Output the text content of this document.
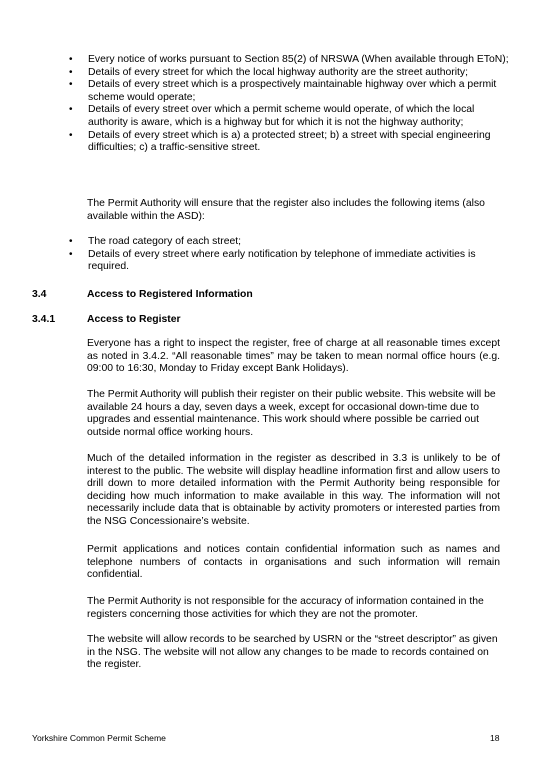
• Every notice of works pursuant to Section 85(2) of NRSWA (When available through EToN);
• Details of every street for which the local highway authority are the street authority;
• Details of every street which is a prospectively maintainable highway over which a permit scheme would operate;
• Details of every street over which a permit scheme would operate, of which the local authority is aware, which is a highway but for which it is not the highway authority;
• Details of every street which is a) a protected street; b) a street with special engineering difficulties; c) a traffic-sensitive street.

The Permit Authority will ensure that the register also includes the following items (also available within the ASD):

• The road category of each street;
• Details of every street where early notification by telephone of immediate activities is required.
3.4	Access to Registered Information
3.4.1	Access to Register

Everyone has a right to inspect the register, free of charge at all reasonable times except as noted in 3.4.2. “All reasonable times” may be taken to mean normal office hours (e.g. 09:00 to 16:30, Monday to Friday except Bank Holidays).

The Permit Authority will publish their register on their public website. This website will be available 24 hours a day, seven days a week, except for occasional down-time due to upgrades and essential maintenance. This work should where possible be carried out outside normal office working hours.

Much of the detailed information in the register as described in 3.3 is unlikely to be of interest to the public. The website will display headline information first and allow users to drill down to more detailed information with the Permit Authority being responsible for deciding how much information to make available in this way. The information will not necessarily include data that is obtainable by activity promoters or interested parties from the NSG Concessionaire’s website.

Permit applications and notices contain confidential information such as names and telephone numbers of contacts in organisations and such information will remain confidential.

The Permit Authority is not responsible for the accuracy of information contained in the registers concerning those activities for which they are not the promoter.

The website will allow records to be searched by USRN or the “street descriptor” as given in the NSG. The website will not allow any changes to be made to records contained on the register.

Yorkshire Common Permit Scheme	18
